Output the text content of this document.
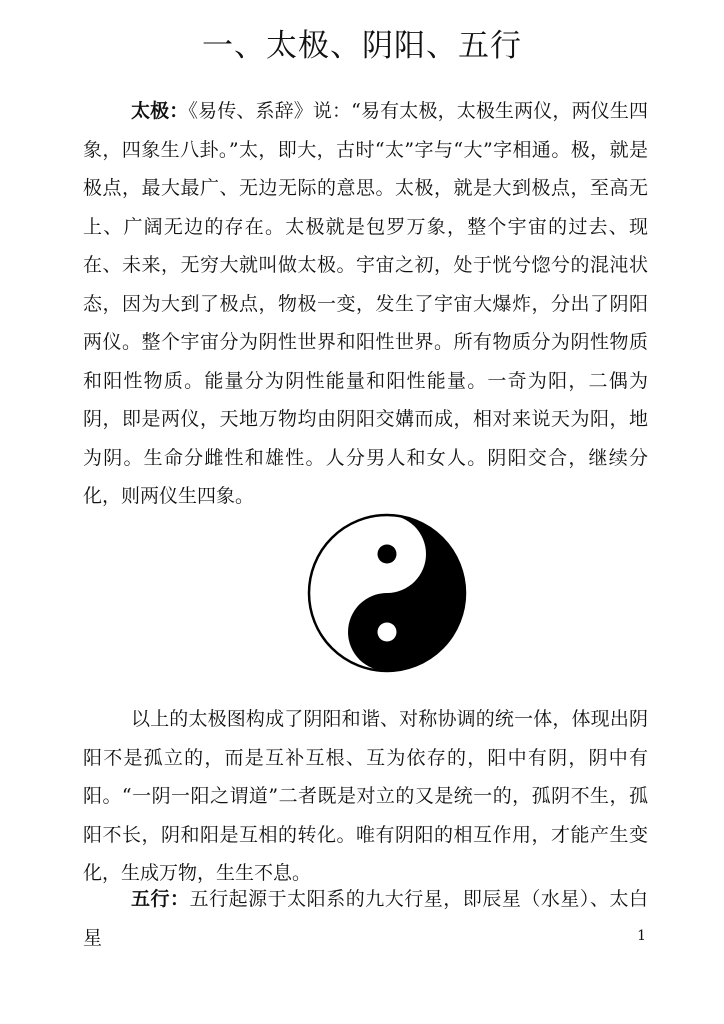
一、太极、阴阳、五行

太极：《易传、系辞》说：“易有太极，太极生两仪，两仪生四象，四象生八卦。”太，即大，古时“太”字与“大”字相通。极，就是极点，最大最广、无边无际的意思。太极，就是大到极点，至高无上、广阔无边的存在。太极就是包罗万象，整个宇宙的过去、现在、未来，无穷大就叫做太极。宇宙之初，处于恍兮惚兮的混沌状态，因为大到了极点，物极一变，发生了宇宙大爆炸，分出了阴阳两仪。整个宇宙分为阴性世界和阳性世界。所有物质分为阴性物质和阳性物质。能量分为阴性能量和阳性能量。一奇为阳，二偶为阴，即是两仪，天地万物均由阴阳交媾而成，相对来说天为阳，地为阴。生命分雌性和雄性。人分男人和女人。阴阳交合，继续分化，则两仪生四象。

以上的太极图构成了阴阳和谐、对称协调的统一体，体现出阴阳不是孤立的，而是互补互根、互为依存的，阳中有阴，阴中有阳。“一阴一阳之谓道”二者既是对立的又是统一的，孤阴不生，孤阳不长，阴和阳是互相的转化。唯有阴阳的相互作用，才能产生变化，生成万物，生生不息。

五行：五行起源于太阳系的九大行星，即辰星（水星）、太白星	1
